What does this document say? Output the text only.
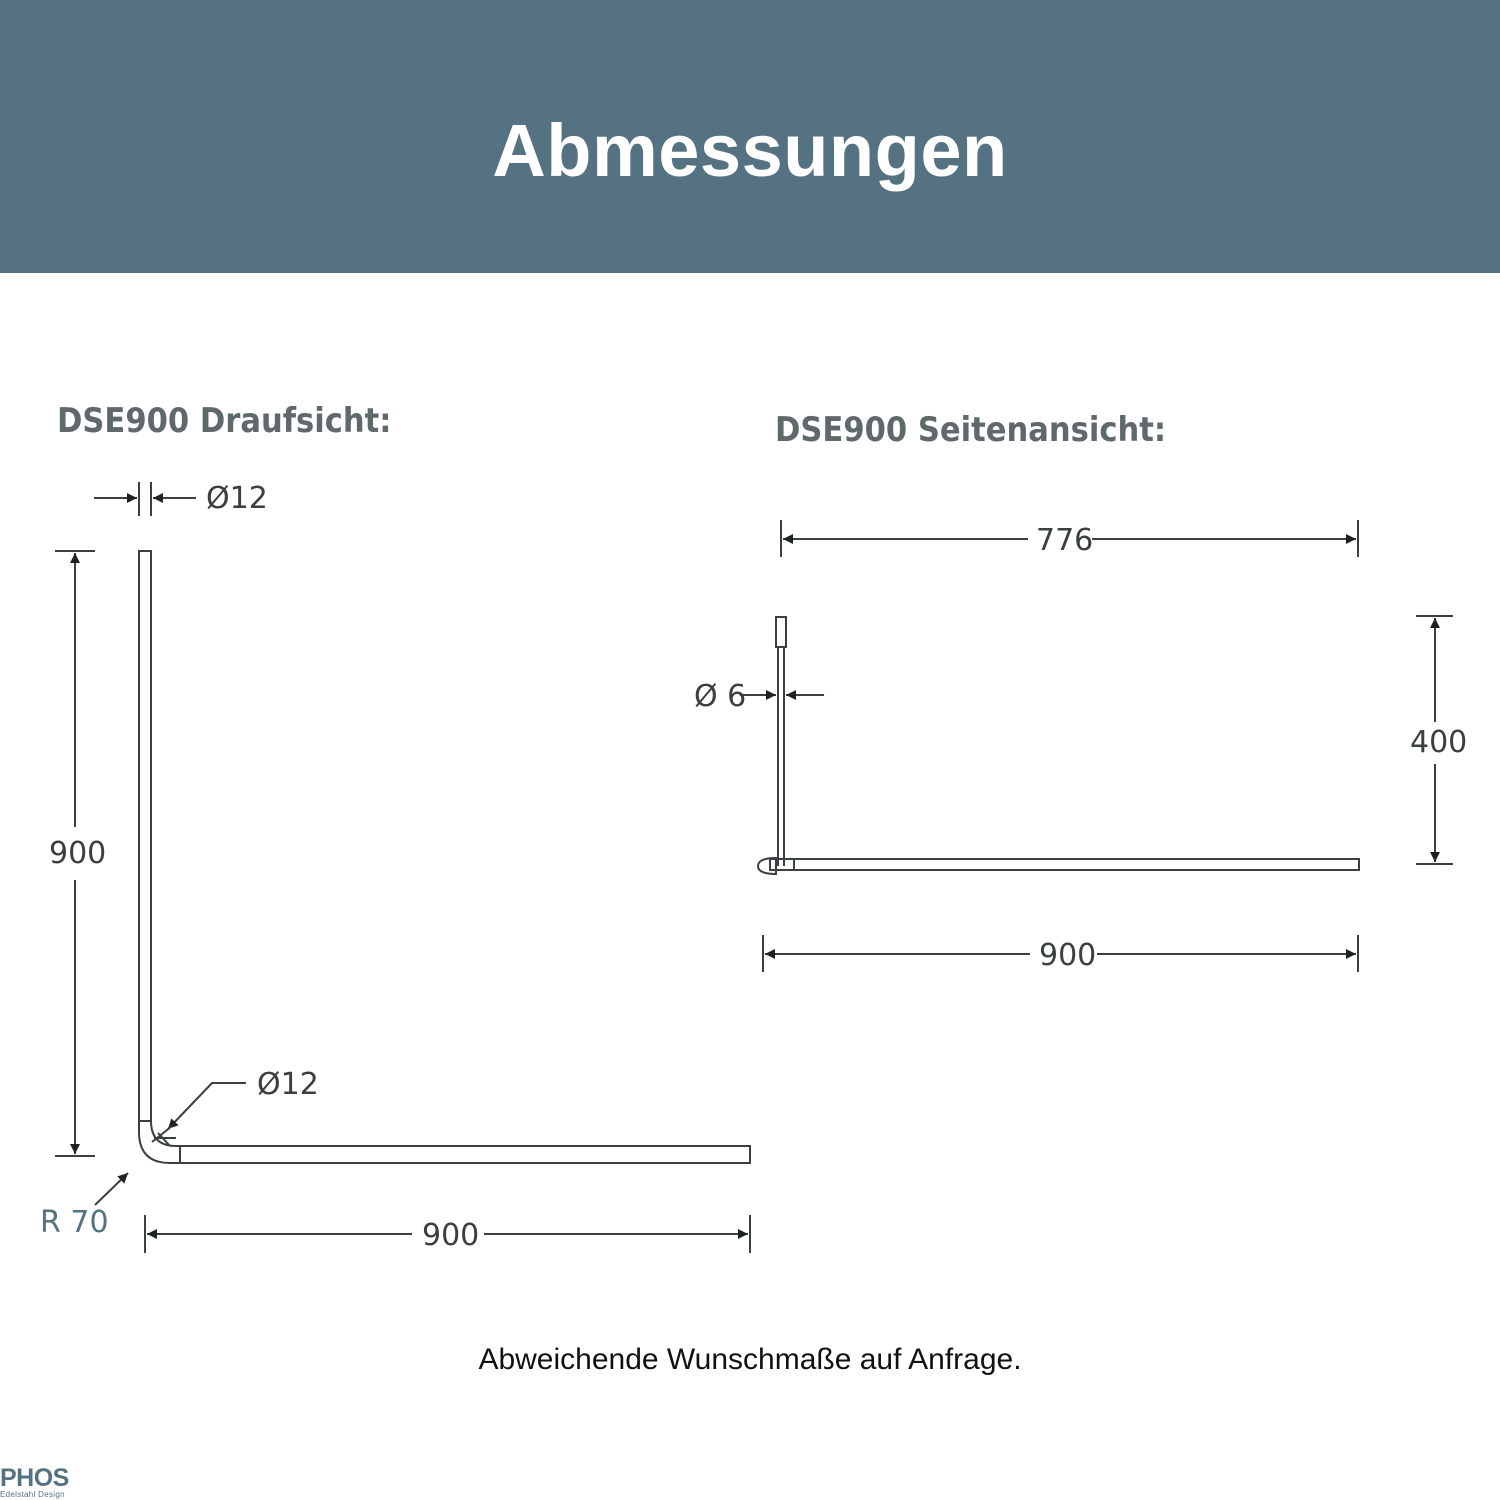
Abmessungen
DSE900 Draufsicht:	DSE900 Seitenansicht:
Ø12
900
Ø12
R 70	900
776
Ø 6
400
900
Abweichende Wunschmaße auf Anfrage.
PHOS
Edelstahl Design
